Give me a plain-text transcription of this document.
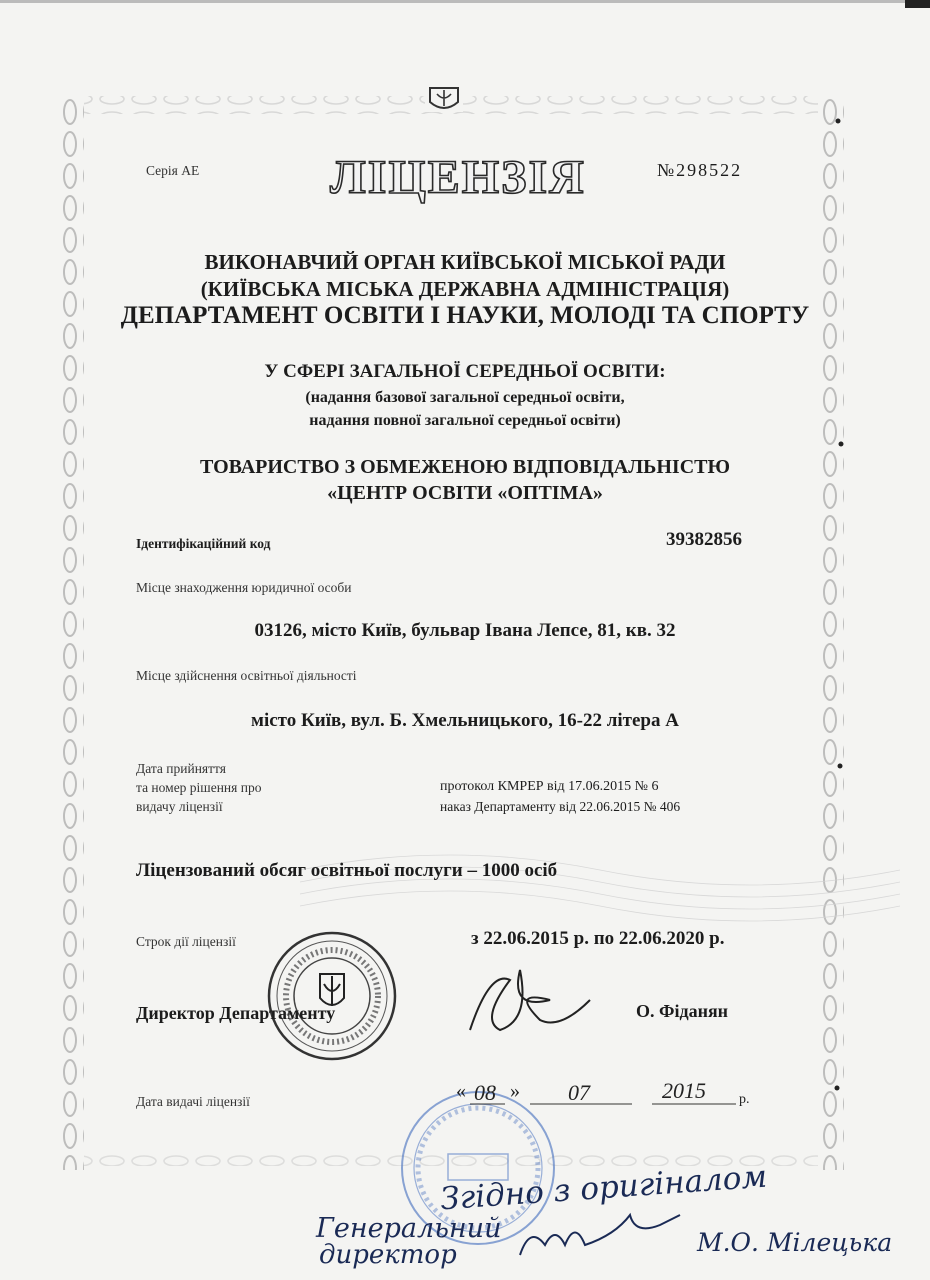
Серія АЕ	ЛІЦЕНЗІЯ	№298522
ВИКОНАВЧИЙ ОРГАН КИЇВСЬКОЇ МІСЬКОЇ РАДИ
(КИЇВСЬКА МІСЬКА ДЕРЖАВНА АДМІНІСТРАЦІЯ)
ДЕПАРТАМЕНТ ОСВІТИ І НАУКИ, МОЛОДІ ТА СПОРТУ
У СФЕРІ ЗАГАЛЬНОЇ СЕРЕДНЬОЇ ОСВІТИ:
(надання базової загальної середньої освіти,
надання повної загальної середньої освіти)
ТОВАРИСТВО З ОБМЕЖЕНОЮ ВІДПОВІДАЛЬНІСТЮ
«ЦЕНТР ОСВІТИ «ОПТІМА»
Ідентифікаційний код	39382856
Місце знаходження юридичної особи
03126, місто Київ, бульвар Івана Лепсе, 81, кв. 32
Місце здійснення освітньої діяльності
місто Київ, вул. Б. Хмельницького, 16-22 літера А
Дата прийняття
та номер рішення про
видачу ліцензії
протокол КМРЕР від 17.06.2015 № 6
наказ Департаменту від 22.06.2015 № 406
Ліцензований обсяг освітньої послуги – 1000 осіб
Строк дії ліцензії	з 22.06.2015 р. по 22.06.2020 р.
Директор Департаменту	О. Фіданян
Дата видачі ліцензії	« 08 » 07	2015 р.
Згідно з оригіналом
Генеральний
директор	М.О. Мілецька
